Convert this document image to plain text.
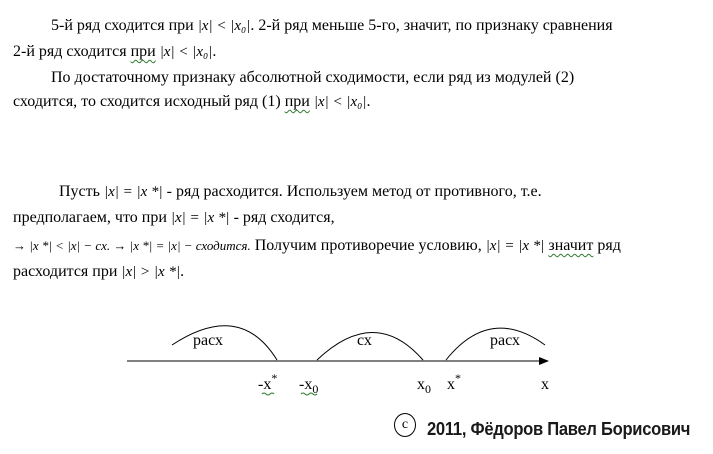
5-й ряд сходится при |x| < |x₀|. 2-й ряд меньше 5-го, значит, по признаку сравнения
2-й ряд сходится при |x| < |x₀|.
По достаточному признаку абсолютной сходимости, если ряд из модулей (2)
сходится, то сходится исходный ряд (1) при |x| < |x₀|.
Пусть |x| = |x *| - ряд расходится. Используем метод от противного, т.е.
предполагаем, что при |x| = |x *| - ряд сходится,
→ |x *| < |x| − cx. → |x *| = |x| − сходится. Получим противоречие условию, |x| = |x *| значит ряд
расходится при |x| > |x *|.
расх	сх	расх
-x* $-x_0$	$x_0$ x*	x
c	2011, Фёдоров Павел Борисович
